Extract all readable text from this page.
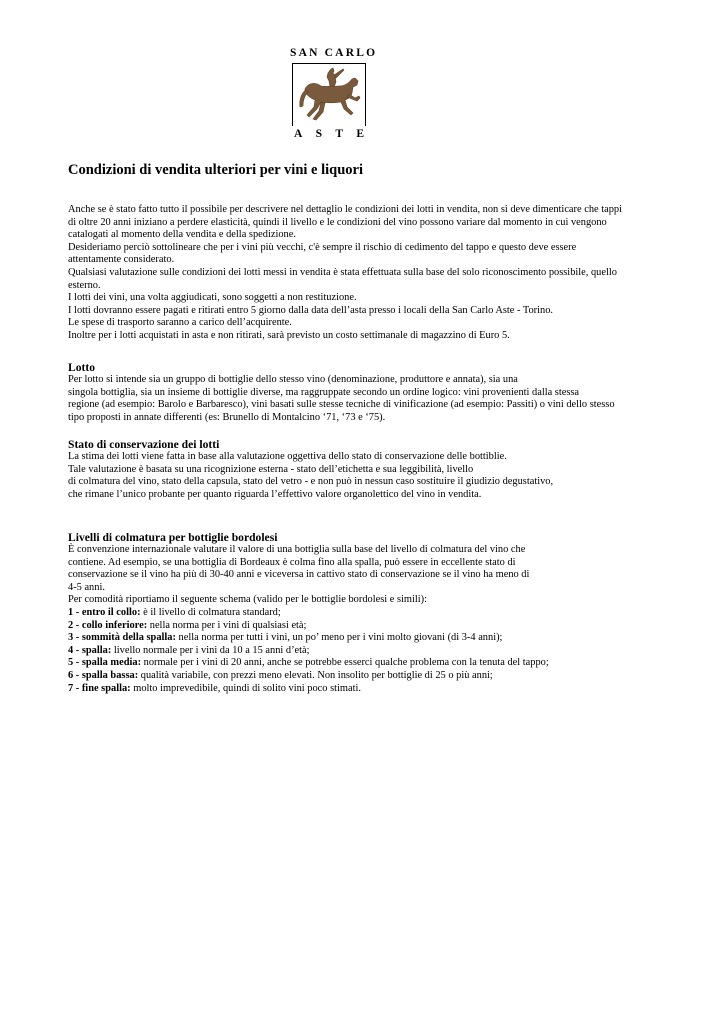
SAN CARLO
A S T E
Condizioni di vendita ulteriori per vini e liquori
Anche se è stato fatto tutto il possibile per descrivere nel dettaglio le condizioni dei lotti in vendita, non si deve dimenticare che tappi
di oltre 20 anni iniziano a perdere elasticità, quindi il livello e le condizioni del vino possono variare dal momento in cui vengono
catalogati al momento della vendita e della spedizione.
Desideriamo perciò sottolineare che per i vini più vecchi, c'è sempre il rischio di cedimento del tappo e questo deve essere
attentamente considerato.
Qualsiasi valutazione sulle condizioni dei lotti messi in vendita è stata effettuata sulla base del solo riconoscimento possibile, quello
esterno.
I lotti dei vini, una volta aggiudicati, sono soggetti a non restituzione.
I lotti dovranno essere pagati e ritirati entro 5 giorno dalla data dell’asta presso i locali della San Carlo Aste - Torino.
Le spese di trasporto saranno a carico dell’acquirente.
Inoltre per i lotti acquistati in asta e non ritirati, sarà previsto un costo settimanale di magazzino di Euro 5.
Lotto
Per lotto si intende sia un gruppo di bottiglie dello stesso vino (denominazione, produttore e annata), sia una
singola bottiglia, sia un insieme di bottiglie diverse, ma raggruppate secondo un ordine logico: vini provenienti dalla stessa
regione (ad esempio: Barolo e Barbaresco), vini basati sulle stesse tecniche di vinificazione (ad esempio: Passiti) o vini dello stesso
tipo proposti in annate differenti (es: Brunello di Montalcino ‘71, ‘73 e ‘75).
Stato di conservazione dei lotti
La stima dei lotti viene fatta in base alla valutazione oggettiva dello stato di conservazione delle bottiblie.
Tale valutazione è basata su una ricognizione esterna - stato dell’etichetta e sua leggibilità, livello
di colmatura del vino, stato della capsula, stato del vetro - e non può in nessun caso sostituire il giudizio degustativo,
che rimane l’unico probante per quanto riguarda l’effettivo valore organolettico del vino in vendita.
Livelli di colmatura per bottiglie bordolesi
È convenzione internazionale valutare il valore di una bottiglia sulla base del livello di colmatura del vino che
contiene. Ad esempio, se una bottiglia di Bordeaux è colma fino alla spalla, può essere in eccellente stato di
conservazione se il vino ha più di 30-40 anni e viceversa in cattivo stato di conservazione se il vino ha meno di
4-5 anni.
Per comodità riportiamo il seguente schema (valido per le bottiglie bordolesi e simili):
1 - entro il collo: è il livello di colmatura standard;
2 - collo inferiore: nella norma per i vini di qualsiasi età;
3 - sommità della spalla: nella norma per tutti i vini, un po’ meno per i vini molto giovani (di 3-4 anni);
4 - spalla: livello normale per i vini da 10 a 15 anni d’età;
5 - spalla media: normale per i vini di 20 anni, anche se potrebbe esserci qualche problema con la tenuta del tappo;
6 - spalla bassa: qualità variabile, con prezzi meno elevati. Non insolito per bottiglie di 25 o più anni;
7 - fine spalla: molto imprevedibile, quindi di solito vini poco stimati.
